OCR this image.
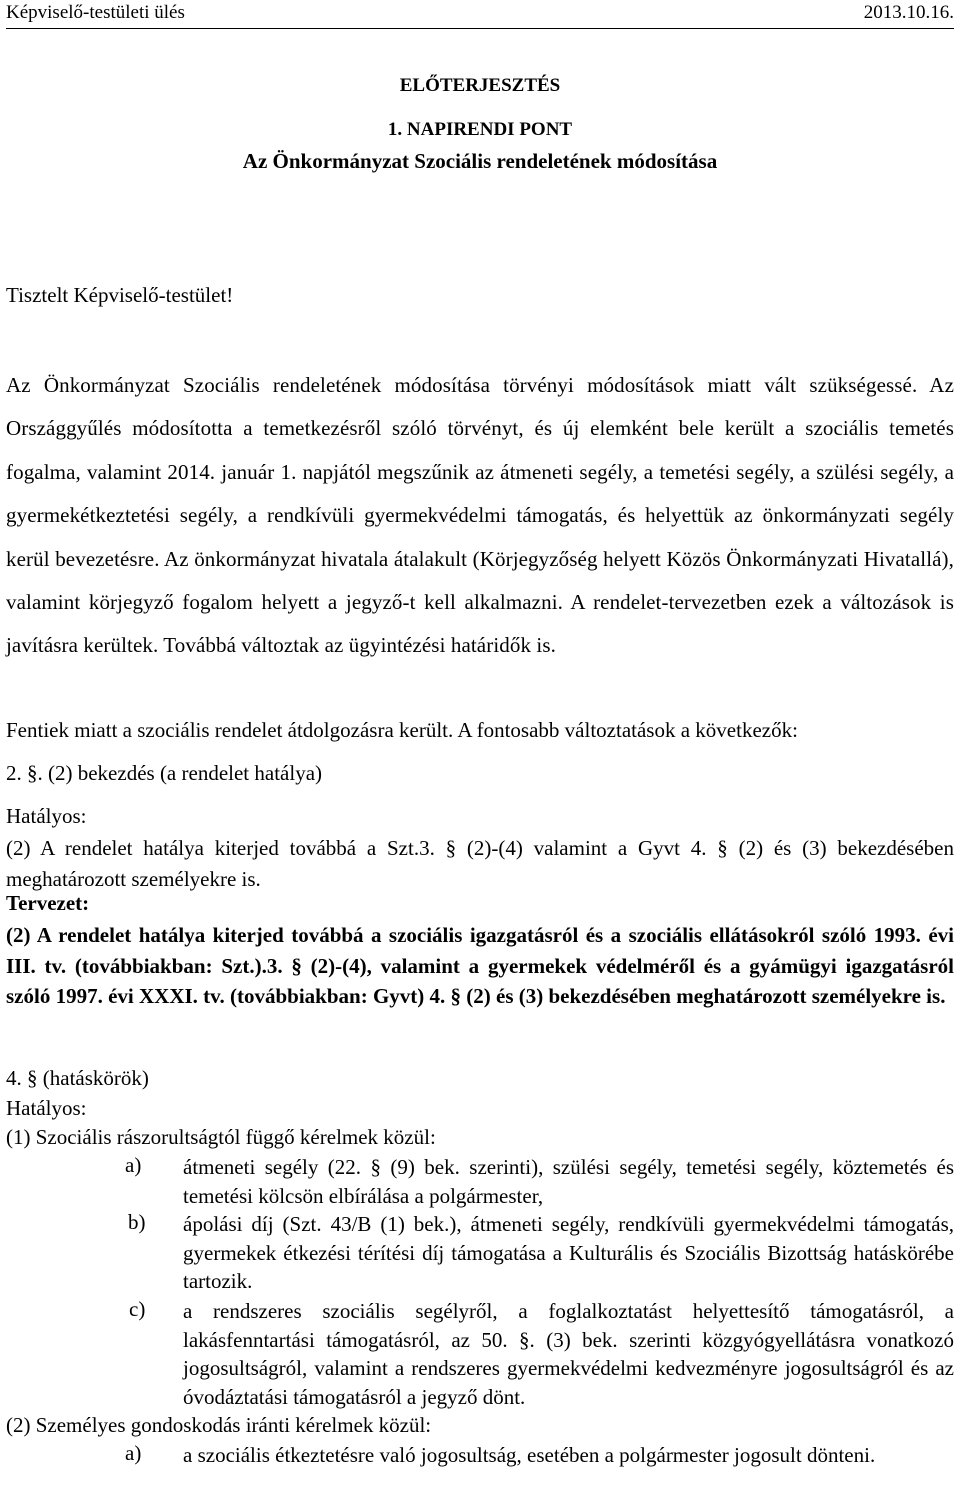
Képviselő-testületi ülés	2013.10.16.
ELŐTERJESZTÉS
1. NAPIRENDI PONT
Az Önkormányzat Szociális rendeletének módosítása
Tisztelt Képviselő-testület!

Az Önkormányzat Szociális rendeletének módosítása törvényi módosítások miatt vált szükségessé. Az Országgyűlés módosította a temetkezésről szóló törvényt, és új elemként bele került a szociális temetés fogalma, valamint 2014. január 1. napjától megszűnik az átmeneti segély, a temetési segély, a szülési segély, a gyermekétkeztetési segély, a rendkívüli gyermekvédelmi támogatás, és helyettük az önkormányzati segély kerül bevezetésre. Az önkormányzat hivatala átalakult (Körjegyzőség helyett Közös Önkormányzati Hivatallá), valamint körjegyző fogalom helyett a jegyző-t kell alkalmazni. A rendelet-tervezetben ezek a változások is javításra kerültek. Továbbá változtak az ügyintézési határidők is.

Fentiek miatt a szociális rendelet átdolgozásra került. A fontosabb változtatások a következők:
2. §. (2) bekezdés (a rendelet hatálya)
Hatályos:

(2) A rendelet hatálya kiterjed továbbá a Szt.3. § (2)-(4) valamint a Gyvt 4. § (2) és (3) bekezdésében meghatározott személyekre is.

Tervezet:

(2) A rendelet hatálya kiterjed továbbá a szociális igazgatásról és a szociális ellátásokról szóló 1993. évi III. tv. (továbbiakban: Szt.).3. § (2)-(4), valamint a gyermekek védelméről és a gyámügyi igazgatásról szóló 1997. évi XXXI. tv. (továbbiakban: Gyvt) 4. § (2) és (3) bekezdésében meghatározott személyekre is.

4. § (hatáskörök)
Hatályos:
(1) Szociális rászorultságtól függő kérelmek közül:
a)	átmeneti segély (22. § (9) bek. szerinti), szülési segély, temetési segély, köztemetés és temetési kölcsön elbírálása a polgármester,
b)	ápolási díj (Szt. 43/B (1) bek.), átmeneti segély, rendkívüli gyermekvédelmi támogatás, gyermekek étkezési térítési díj támogatása a Kulturális és Szociális Bizottság hatáskörébe tartozik.
c)	a rendszeres szociális segélyről, a foglalkoztatást helyettesítő támogatásról, a lakásfenntartási támogatásról, az 50. §. (3) bek. szerinti közgyógyellátásra vonatkozó jogosultságról, valamint a rendszeres gyermekvédelmi kedvezményre jogosultságról és az óvodáztatási támogatásról a jegyző dönt.
(2) Személyes gondoskodás iránti kérelmek közül:
a)	a szociális étkeztetésre való jogosultság, esetében a polgármester jogosult dönteni.
